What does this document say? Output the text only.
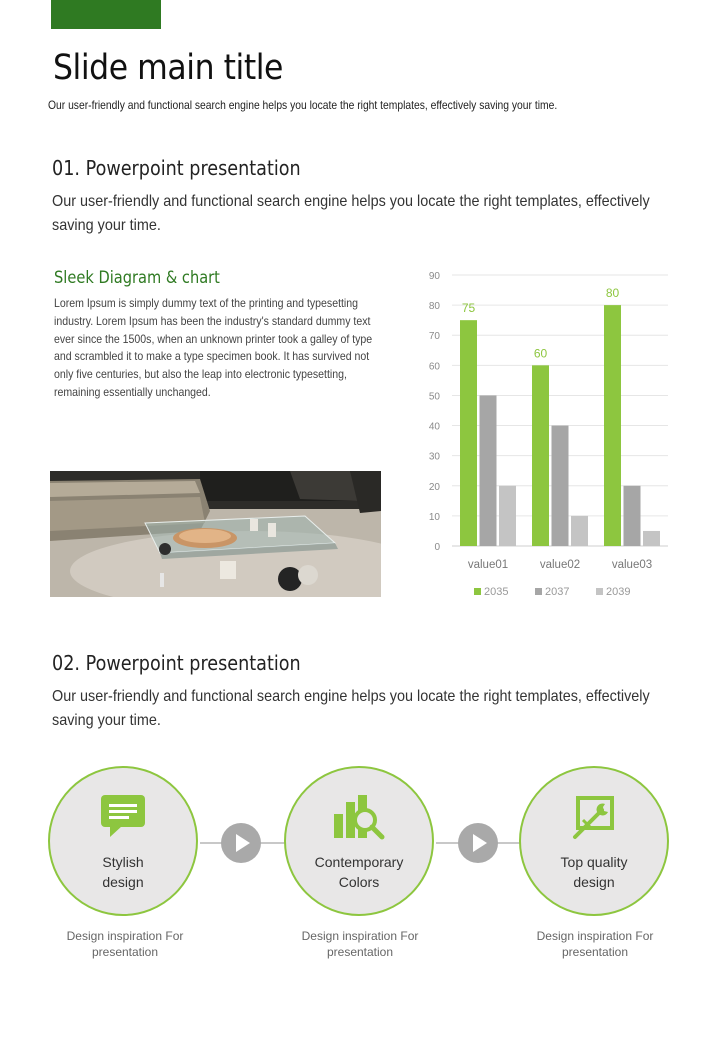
Slide main title
Our user-friendly and functional search engine helps you locate the right templates, effectively saving your time.
01. Powerpoint presentation

Our user-friendly and functional search engine helps you locate the right templates, effectively saving your time.

Sleek Diagram & chart

Lorem Ipsum is simply dummy text of the printing and typesetting industry. Lorem Ipsum has been the industry's standard dummy text ever since the 1500s, when an unknown printer took a galley of type and scrambled it to make a type specimen book. It has survived not only five centuries, but also the leap into electronic typesetting, remaining essentially unchanged.

0
10
20
30
40
50
60
70
80
90
75
value01
60
value02
80
value03
2035	2037	2039
02. Powerpoint presentation

Our user-friendly and functional search engine helps you locate the right templates, effectively saving your time.

Stylish
design
Contemporary
Colors
Top quality
design
Design inspiration For
presentation
Design inspiration For
presentation
Design inspiration For
presentation
